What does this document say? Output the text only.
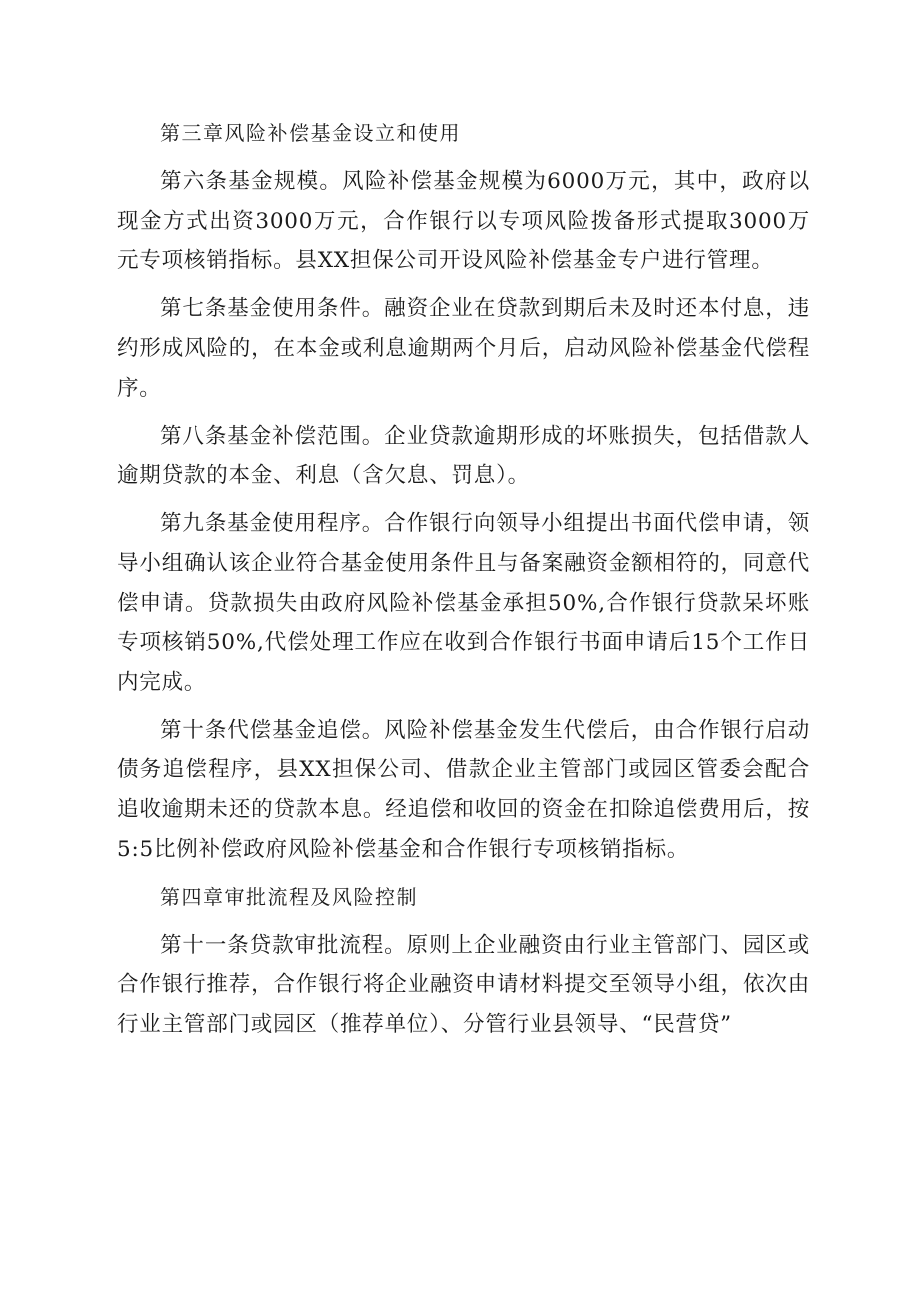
第三章风险补偿基金设立和使用

第六条基金规模。风险补偿基金规模为6000万元，其中，政府以现金方式出资3000万元，合作银行以专项风险拨备形式提取3000万元专项核销指标。县XX担保公司开设风险补偿基金专户进行管理。

第七条基金使用条件。融资企业在贷款到期后未及时还本付息，违约形成风险的，在本金或利息逾期两个月后，启动风险补偿基金代偿程序。

第八条基金补偿范围。企业贷款逾期形成的坏账损失，包括借款人逾期贷款的本金、利息（含欠息、罚息）。

第九条基金使用程序。合作银行向领导小组提出书面代偿申请，领导小组确认该企业符合基金使用条件且与备案融资金额相符的，同意代偿申请。贷款损失由政府风险补偿基金承担50%,合作银行贷款呆坏账专项核销50%,代偿处理工作应在收到合作银行书面申请后15个工作日内完成。

第十条代偿基金追偿。风险补偿基金发生代偿后，由合作银行启动债务追偿程序，县XX担保公司、借款企业主管部门或园区管委会配合追收逾期未还的贷款本息。经追偿和收回的资金在扣除追偿费用后，按5:5比例补偿政府风险补偿基金和合作银行专项核销指标。

第四章审批流程及风险控制

第十一条贷款审批流程。原则上企业融资由行业主管部门、园区或合作银行推荐，合作银行将企业融资申请材料提交至领导小组，依次由行业主管部门或园区（推荐单位）、分管行业县领导、“民营贷”
